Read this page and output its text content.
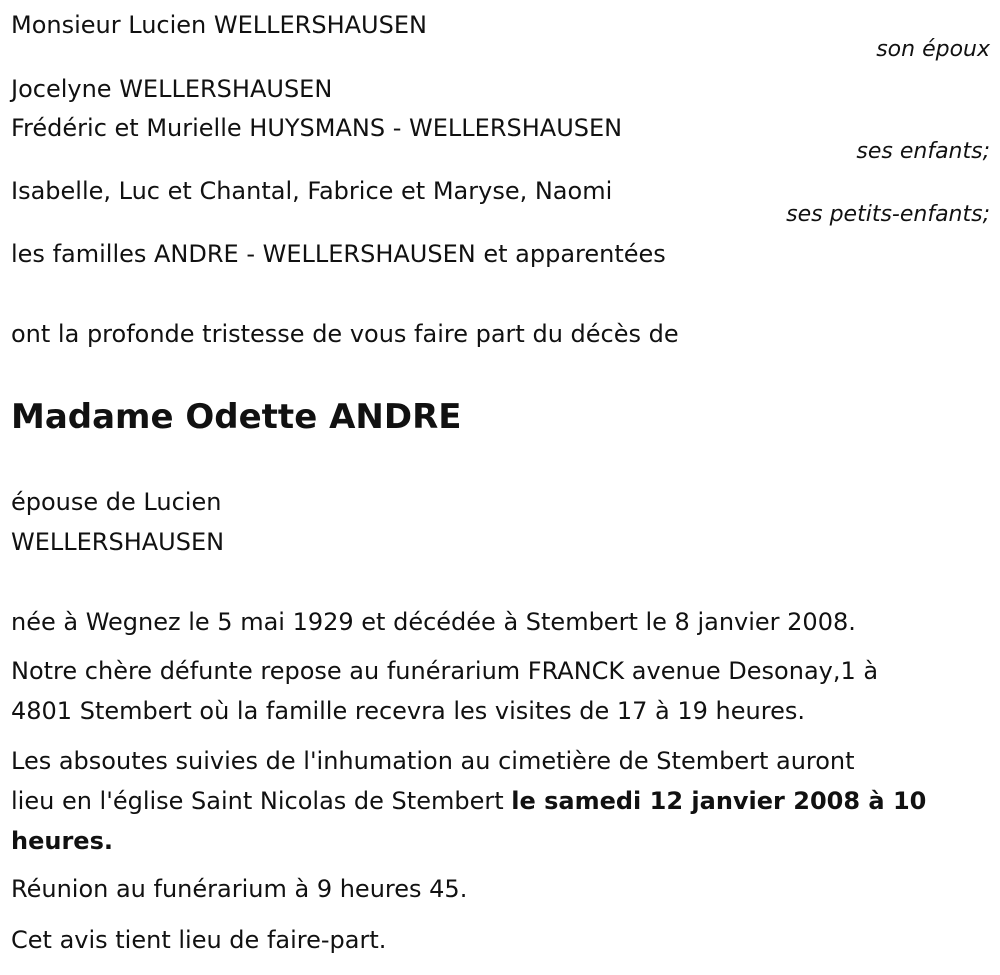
Monsieur Lucien WELLERSHAUSEN

son époux

Jocelyne WELLERSHAUSEN

Frédéric et Murielle HUYSMANS - WELLERSHAUSEN

ses enfants;

Isabelle, Luc et Chantal, Fabrice et Maryse, Naomi

ses petits-enfants;

les familles ANDRE - WELLERSHAUSEN et apparentées

ont la profonde tristesse de vous faire part du décès de

Madame Odette ANDRE

épouse de Lucien

WELLERSHAUSEN

née à Wegnez le 5 mai 1929 et décédée à Stembert le 8 janvier 2008.

Notre chère défunte repose au funérarium FRANCK avenue Desonay,1 à

4801 Stembert où la famille recevra les visites de 17 à 19 heures.

Les absoutes suivies de l'inhumation au cimetière de Stembert auront

lieu en l'église Saint Nicolas de Stembert le samedi 12 janvier 2008 à 10

heures.

Réunion au funérarium à 9 heures 45.

Cet avis tient lieu de faire-part.
